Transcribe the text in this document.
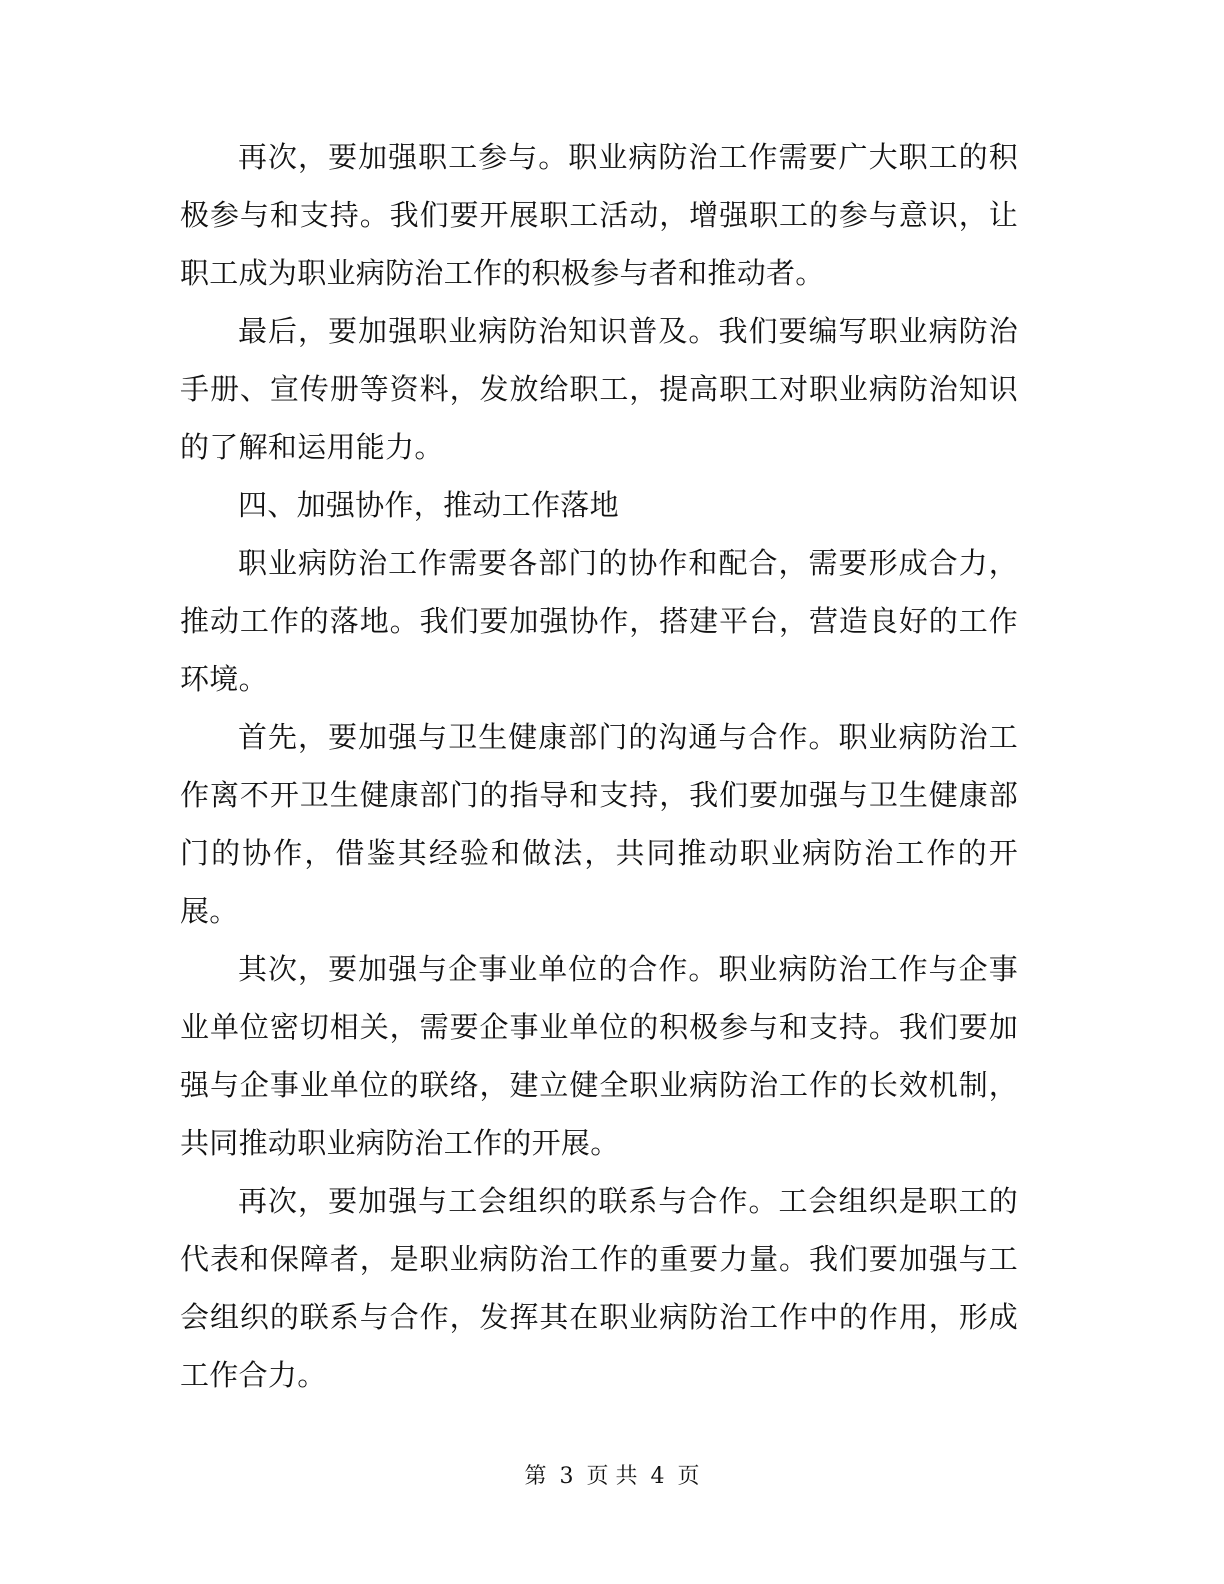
再次，要加强职工参与。职业病防治工作需要广大职工的积极参与和支持。我们要开展职工活动，增强职工的参与意识，让职工成为职业病防治工作的积极参与者和推动者。

最后，要加强职业病防治知识普及。我们要编写职业病防治手册、宣传册等资料，发放给职工，提高职工对职业病防治知识的了解和运用能力。

四、加强协作，推动工作落地

职业病防治工作需要各部门的协作和配合，需要形成合力，推动工作的落地。我们要加强协作，搭建平台，营造良好的工作环境。

首先，要加强与卫生健康部门的沟通与合作。职业病防治工作离不开卫生健康部门的指导和支持，我们要加强与卫生健康部门的协作，借鉴其经验和做法，共同推动职业病防治工作的开展。

其次，要加强与企事业单位的合作。职业病防治工作与企事业单位密切相关，需要企事业单位的积极参与和支持。我们要加强与企事业单位的联络，建立健全职业病防治工作的长效机制，共同推动职业病防治工作的开展。

再次，要加强与工会组织的联系与合作。工会组织是职工的代表和保障者，是职业病防治工作的重要力量。我们要加强与工会组织的联系与合作，发挥其在职业病防治工作中的作用，形成工作合力。

第 3 页 共 4 页
